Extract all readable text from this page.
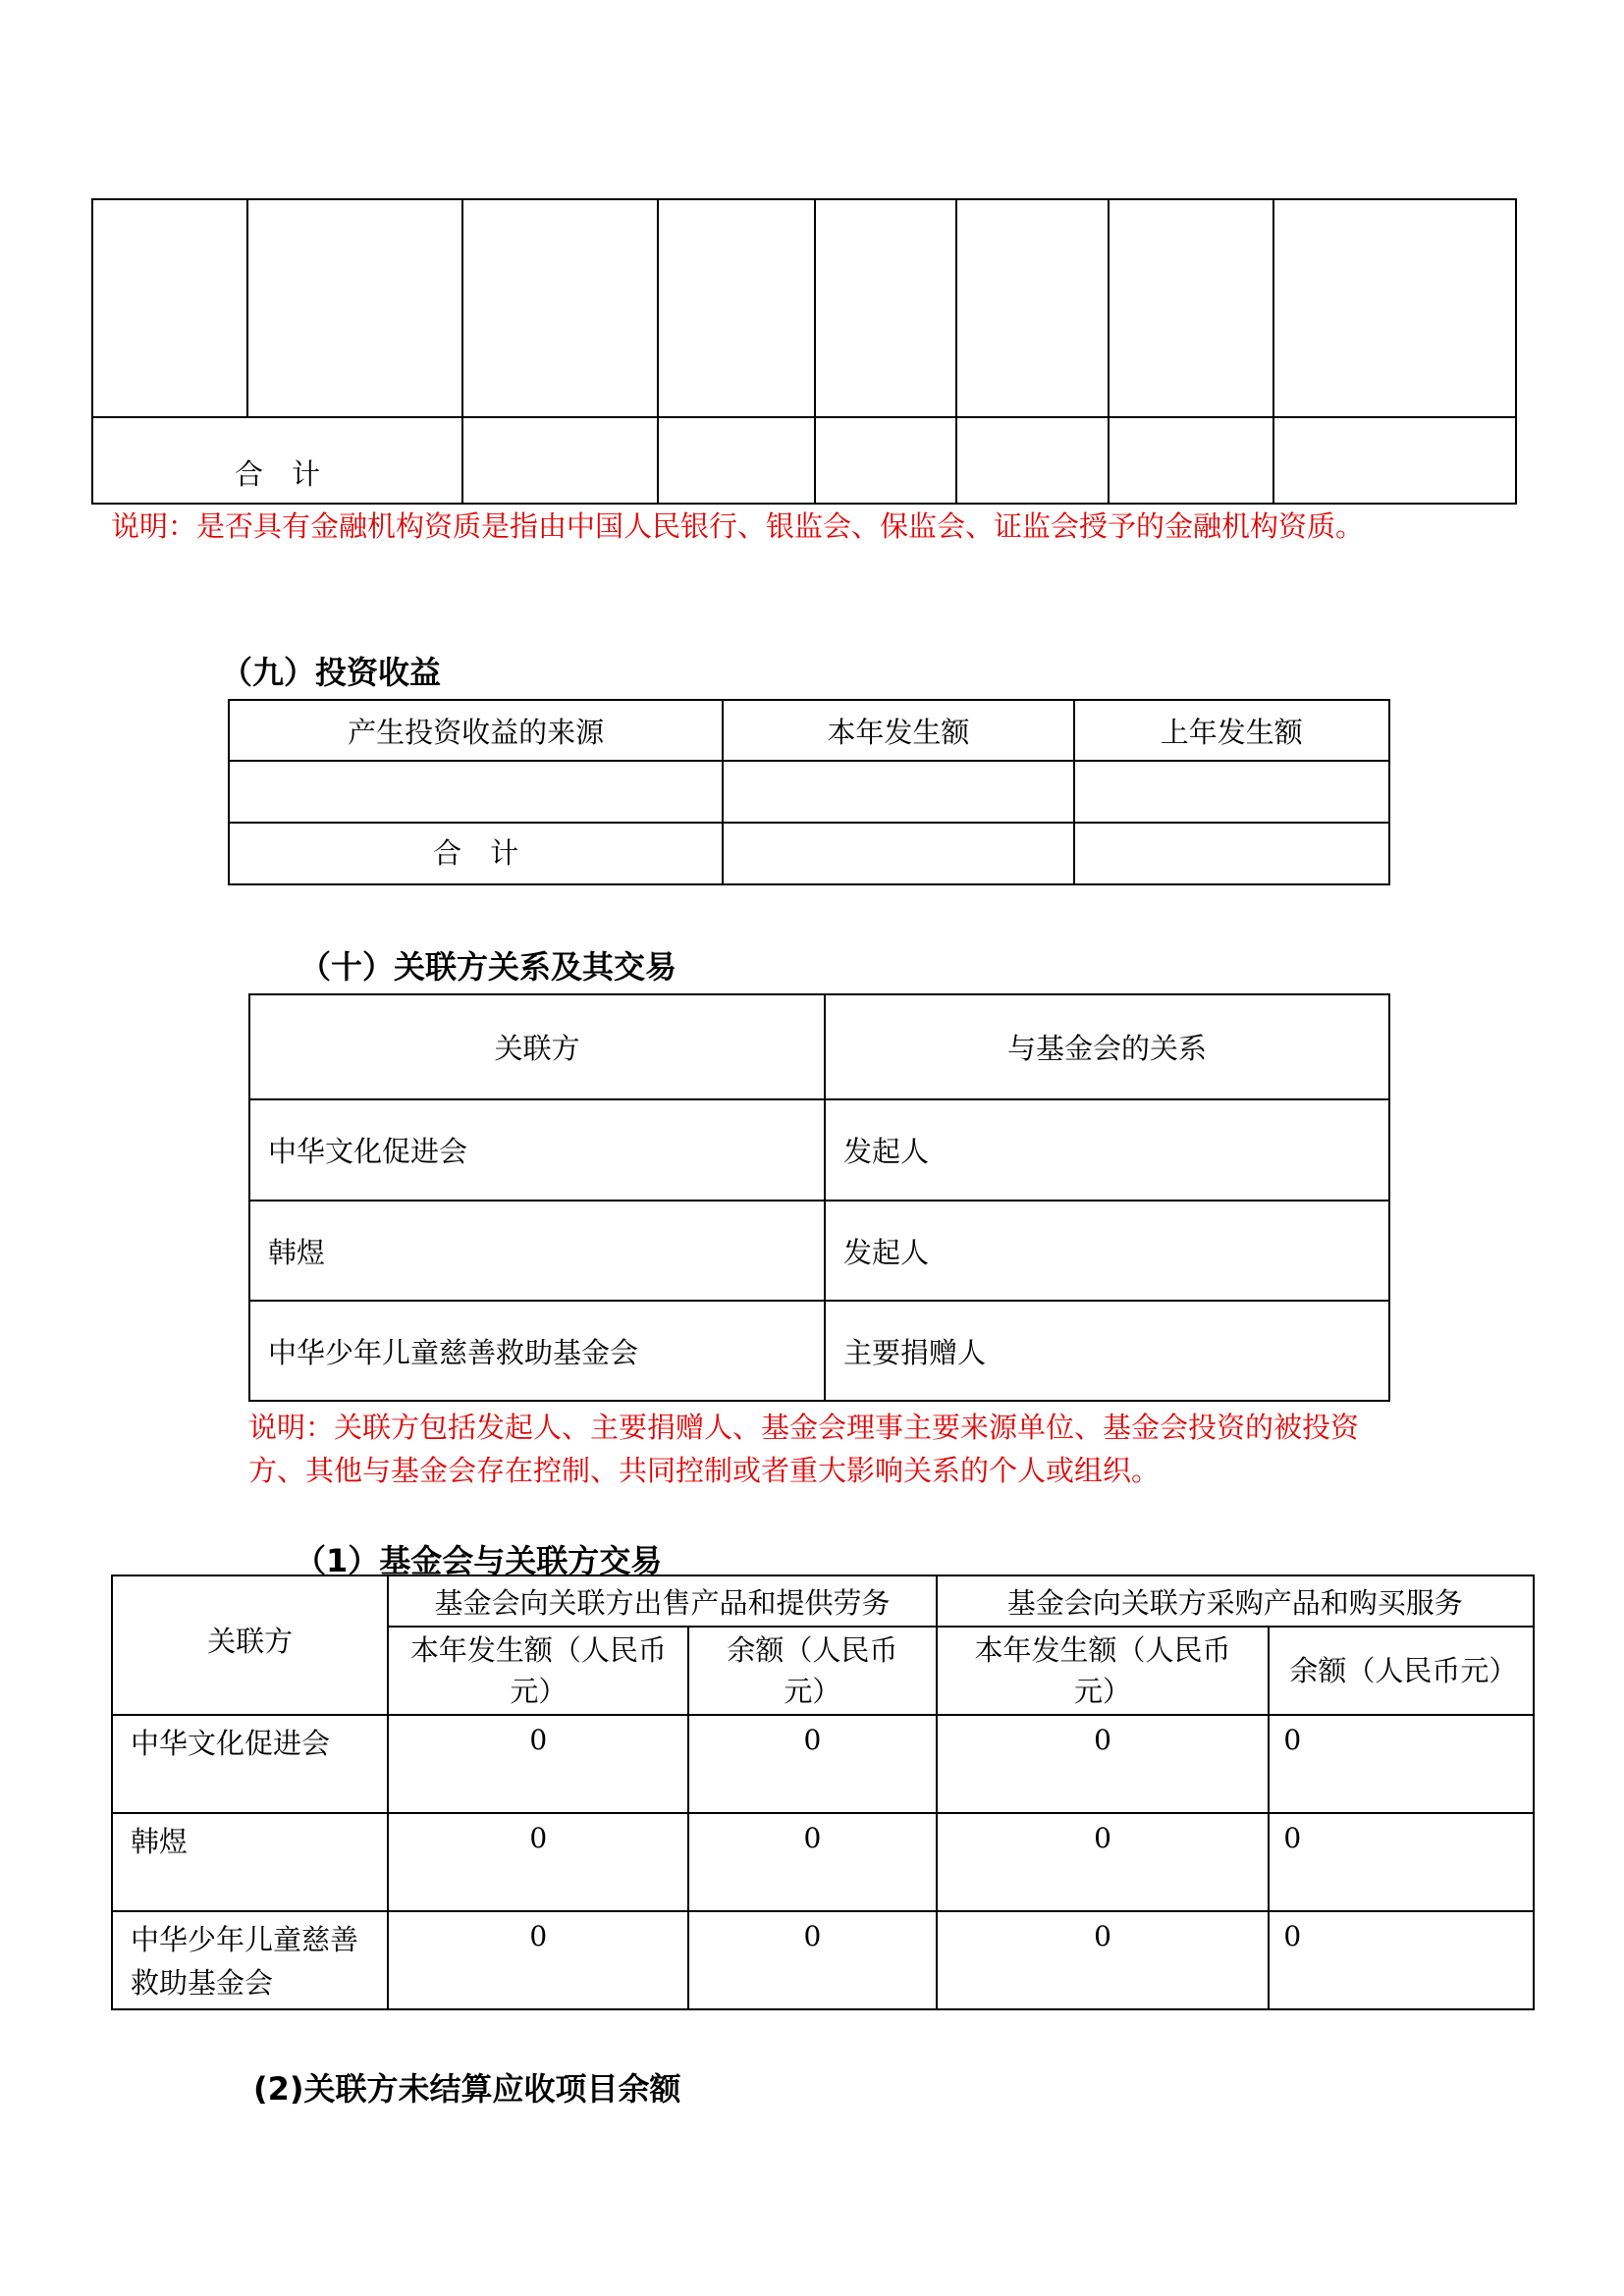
合　计							
说明：是否具有金融机构资质是指由中国人民银行、银监会、保监会、证监会授予的金融机构资质。
（九）投资收益
产生投资收益的来源	本年发生额	上年发生额

合　计		
（十）关联方关系及其交易
关联方	与基金会的关系
中华文化促进会	发起人
韩煜	发起人
中华少年儿童慈善救助基金会	主要捐赠人
说明：关联方包括发起人、主要捐赠人、基金会理事主要来源单位、基金会投资的被投资方、其他与基金会存在控制、共同控制或者重大影响关系的个人或组织。
（1）基金会与关联方交易
关联方	基金会向关联方出售产品和提供劳务		基金会向关联方采购产品和购买服务	
	本年发生额（人民币元）	余额（人民币元）	本年发生额（人民币元）	余额（人民币元）
中华文化促进会	0	0	0	0
韩煜	0	0	0	0
中华少年儿童慈善救助基金会	0	0	0	0
(2)关联方未结算应收项目余额
